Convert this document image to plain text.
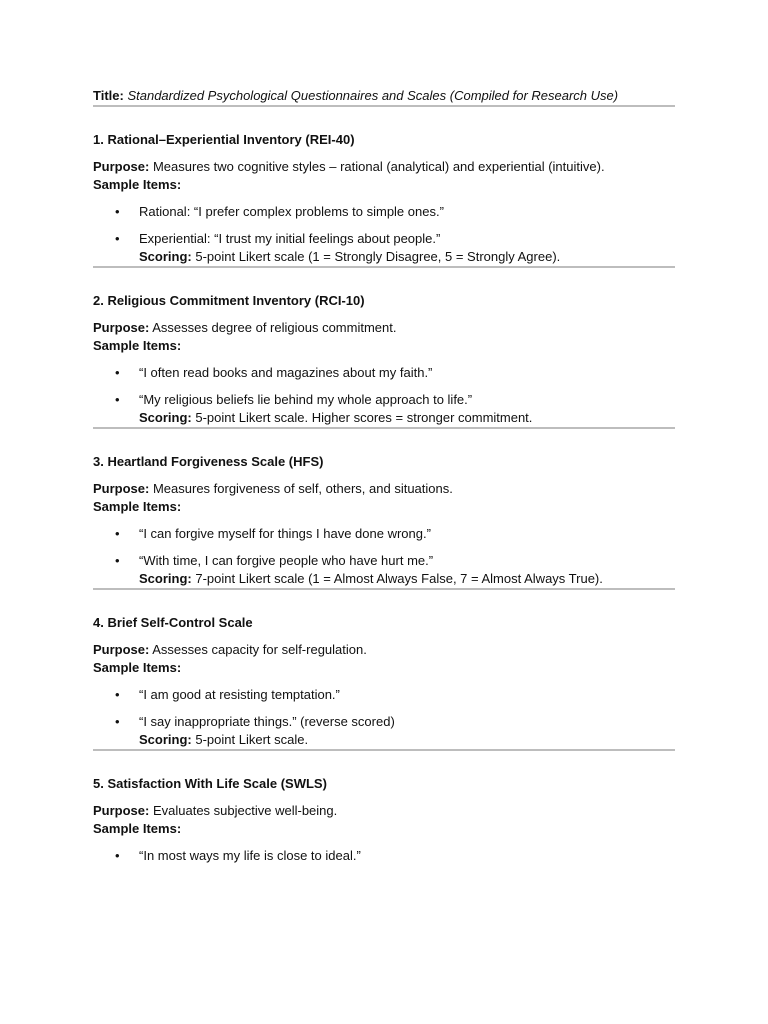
Title: Standardized Psychological Questionnaires and Scales (Compiled for Research Use)

1. Rational–Experiential Inventory (REI-40)

Purpose: Measures two cognitive styles – rational (analytical) and experiential (intuitive).

Sample Items:

• Rational: “I prefer complex problems to simple ones.”
• Experiential: “I trust my initial feelings about people.”

Scoring: 5-point Likert scale (1 = Strongly Disagree, 5 = Strongly Agree).

2. Religious Commitment Inventory (RCI-10)

Purpose: Assesses degree of religious commitment.

Sample Items:

• “I often read books and magazines about my faith.”
• “My religious beliefs lie behind my whole approach to life.”

Scoring: 5-point Likert scale. Higher scores = stronger commitment.

3. Heartland Forgiveness Scale (HFS)

Purpose: Measures forgiveness of self, others, and situations.

Sample Items:

• “I can forgive myself for things I have done wrong.”
• “With time, I can forgive people who have hurt me.”

Scoring: 7-point Likert scale (1 = Almost Always False, 7 = Almost Always True).

4. Brief Self-Control Scale

Purpose: Assesses capacity for self-regulation.

Sample Items:

• “I am good at resisting temptation.”
• “I say inappropriate things.” (reverse scored)

Scoring: 5-point Likert scale.

5. Satisfaction With Life Scale (SWLS)

Purpose: Evaluates subjective well-being.

Sample Items:

• “In most ways my life is close to ideal.”
